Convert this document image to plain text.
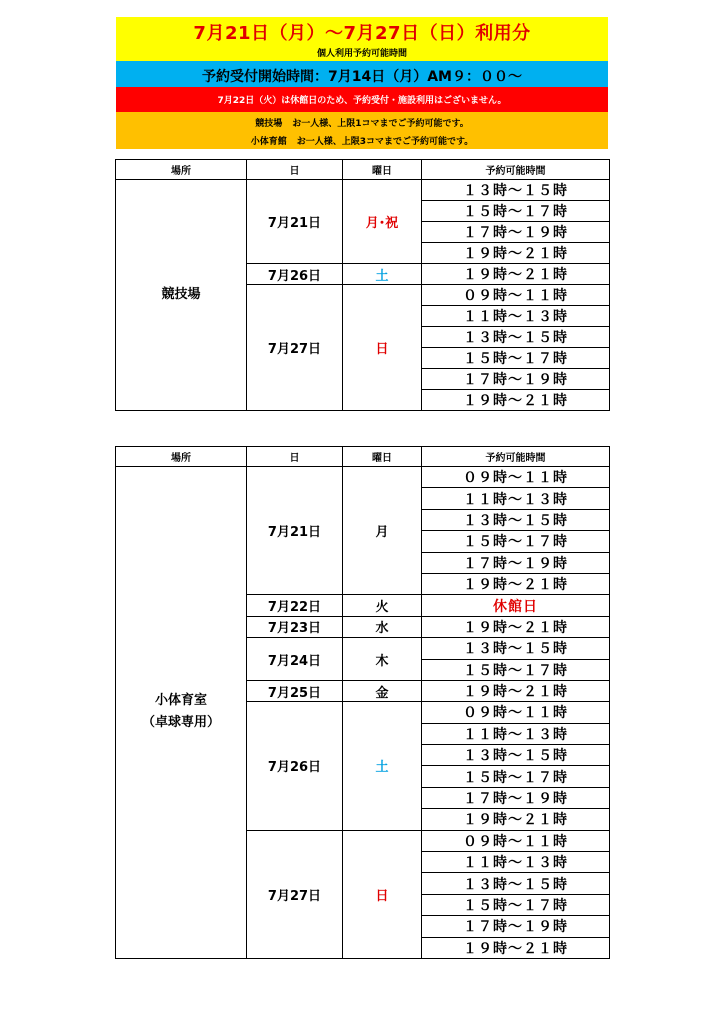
7月21日（月）～7月27日（日）利用分
個人利用予約可能時間
予約受付開始時間：7月14日（月）AM９：００～
7月22日（火）は休館日のため、予約受付・施設利用はございません。
競技場 お一人様、上限1コマまでご予約可能です。
小体育館 お一人様、上限3コマまでご予約可能です。
場所	日	曜日	予約可能時間
競技場	7月21日	月･祝	１３時～１５時
			１５時～１７時
			１７時～１９時
			１９時～２１時
	7月26日	土	１９時～２１時
	7月27日	日	０９時～１１時
			１１時～１３時
			１３時～１５時
			１５時～１７時
			１７時～１９時
			１９時～２１時
場所	日	曜日	予約可能時間
小体育室
（卓球専用）	7月21日	月	０９時～１１時
			１１時～１３時
			１３時～１５時
			１５時～１７時
			１７時～１９時
			１９時～２１時
	7月22日	火	休館日
	7月23日	水	１９時～２１時
	7月24日	木	１３時～１５時
			１５時～１７時
	7月25日	金	１９時～２１時
	7月26日	土	０９時～１１時
			１１時～１３時
			１３時～１５時
			１５時～１７時
			１７時～１９時
			１９時～２１時
	7月27日	日	０９時～１１時
			１１時～１３時
			１３時～１５時
			１５時～１７時
			１７時～１９時
			１９時～２１時
